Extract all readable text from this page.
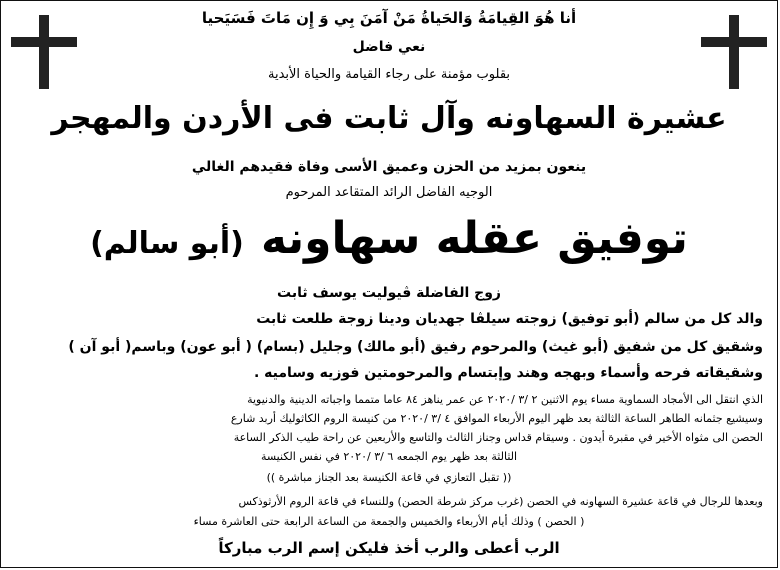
أنا هُوَ القِيامَةُ وَالحَياةُ مَنْ آمَنَ بِي وَ إِن مَاتَ فَسَيَحيا
نعي فاضل
بقلوب مؤمنة على رجاء القيامة والحياة الأبدية
عشيرة السهاونه وآل ثابت فى الأردن والمهجر
ينعون بمزيد من الحزن وعميق الأسى وفاة فقيدهم الغالي
الوجيه الفاضل الرائد المتقاعد المرحوم
توفيق عقله سهاونه (أبو سالم)
زوج الفاضلة ڤيوليت يوسف ثابت
والد كل من سالم (أبو توفيق) زوجته سيلڤا جهديان ودينا زوجة طلعت ثابت
وشقيق كل من شفيق (أبو غيث) والمرحوم رفيق (أبو مالك) وجليل (بسام) ( أبو عون) وباسم( أبو آن )
وشقيقاته فرحه وأسماء وبهجه وهند وإبتسام والمرحومتين فوزيه وساميه .
الذي انتقل الى الأمجاد السماوية مساء يوم الاثنين ٢ /٣ /٢٠٢٠ عن عمر يناهز ٨٤ عاما متمما واجباته الدينية والدنيوية
وسيشيع جثمانه الطاهر الساعة الثالثة بعد ظهر اليوم الأربعاء الموافق ٤ /٣ /٢٠٢٠ من كنيسة الروم الكاثوليك أربد شارع
الحصن الى مثواه الأخير في مقبرة أيدون . وسيقام قداس وجناز الثالث والتاسع والأربعين عن راحة طيب الذكر الساعة
الثالثة بعد ظهر يوم الجمعه ٦ /٣ /٢٠٢٠ في نفس الكنيسة
(( تقبل التعازي في قاعة الكنيسة بعد الجناز مباشرة ))
وبعدها للرجال في قاعة عشيرة السهاونه في الحصن (غرب مركز شرطة الحصن) وللنساء في قاعة الروم الأرثوذكس
( الحصن ) وذلك أيام الأربعاء والخميس والجمعة من الساعة الرابعة حتى العاشرة مساء
الرب أعطى والرب أخذ فليكن إسم الرب مباركاً
